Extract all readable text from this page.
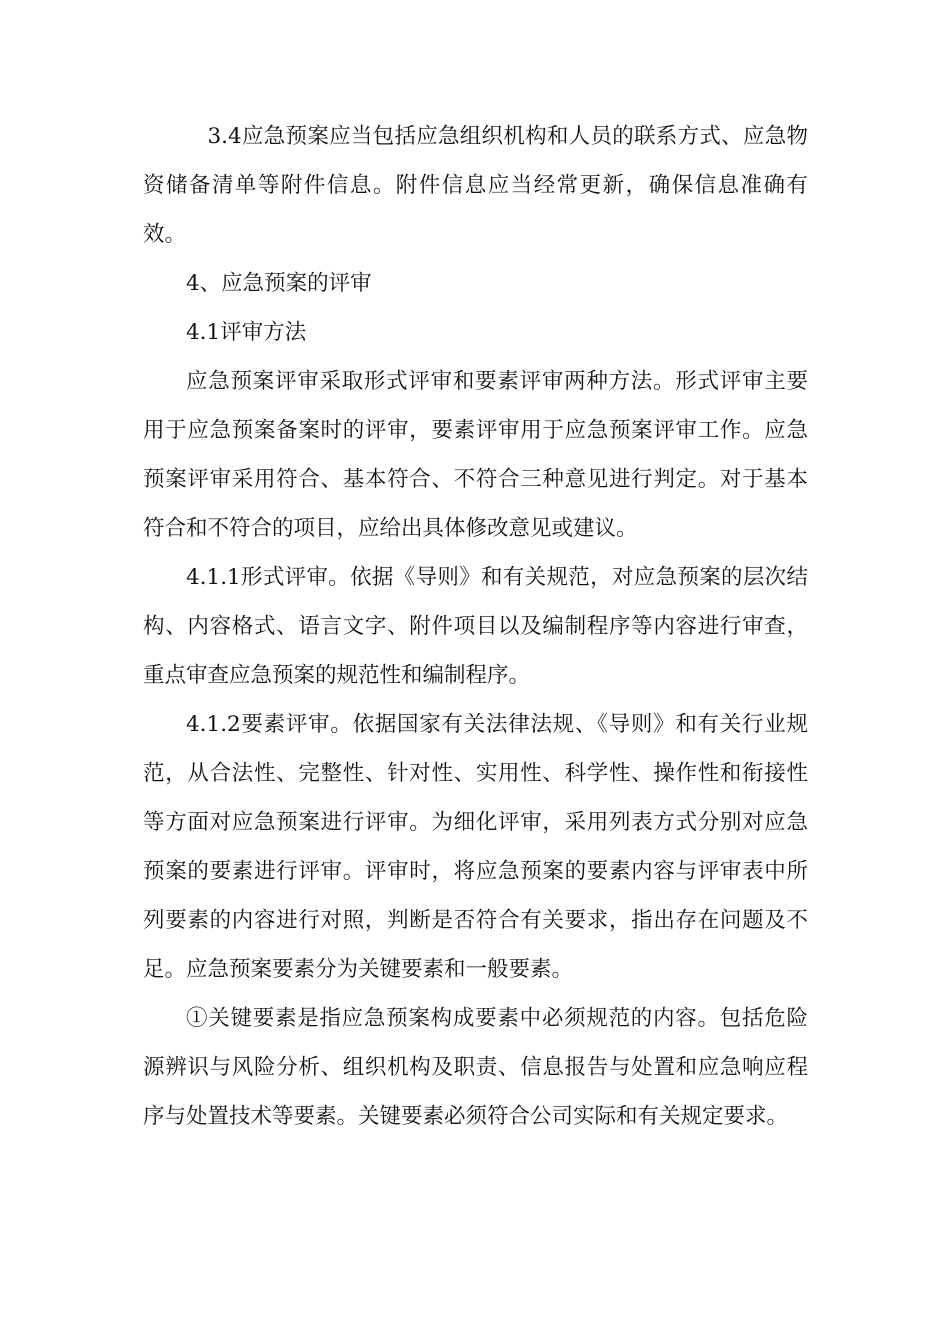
3.4应急预案应当包括应急组织机构和人员的联系方式、应急物资储备清单等附件信息。附件信息应当经常更新，确保信息准确有效。

4、应急预案的评审

4.1评审方法

应急预案评审采取形式评审和要素评审两种方法。形式评审主要用于应急预案备案时的评审，要素评审用于应急预案评审工作。应急预案评审采用符合、基本符合、不符合三种意见进行判定。对于基本符合和不符合的项目，应给出具体修改意见或建议。

4.1.1形式评审。依据《导则》和有关规范，对应急预案的层次结构、内容格式、语言文字、附件项目以及编制程序等内容进行审查，重点审查应急预案的规范性和编制程序。

4.1.2要素评审。依据国家有关法律法规、《导则》和有关行业规范，从合法性、完整性、针对性、实用性、科学性、操作性和衔接性等方面对应急预案进行评审。为细化评审，采用列表方式分别对应急预案的要素进行评审。评审时，将应急预案的要素内容与评审表中所列要素的内容进行对照，判断是否符合有关要求，指出存在问题及不足。应急预案要素分为关键要素和一般要素。

①关键要素是指应急预案构成要素中必须规范的内容。包括危险源辨识与风险分析、组织机构及职责、信息报告与处置和应急响应程序与处置技术等要素。关键要素必须符合公司实际和有关规定要求。
